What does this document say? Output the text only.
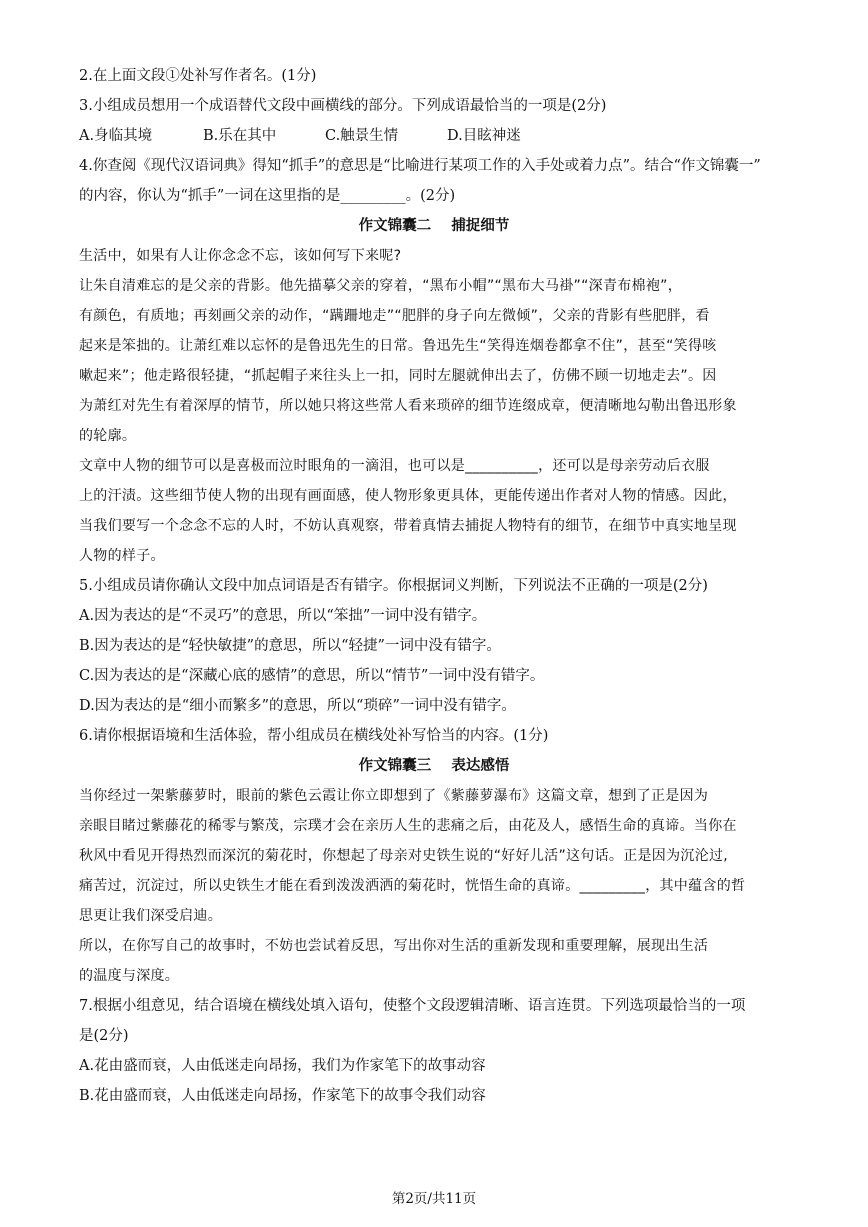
2.在上面文段①处补写作者名。(1分)
3.小组成员想用一个成语替代文段中画横线的部分。下列成语最恰当的一项是(2分)
A.身临其境	B.乐在其中	C.触景生情	D.目眩神迷
4.你查阅《现代汉语词典》得知“抓手”的意思是“比喻进行某项工作的入手处或着力点”。结合“作文锦囊一”
的内容，你认为“抓手”一词在这里指的是_________。(2分)
作文锦囊二    捕捉细节
生活中，如果有人让你念念不忘，该如何写下来呢?
让朱自清难忘的是父亲的背影。他先描摹父亲的穿着，“黑布小帽”“黑布大马褂”“深青布棉袍”，
有颜色，有质地；再刻画父亲的动作，“蹒跚地走”“肥胖的身子向左微倾”，父亲的背影有些肥胖，看
起来是笨拙的。让萧红难以忘怀的是鲁迅先生的日常。鲁迅先生“笑得连烟卷都拿不住”，甚至“笑得咳
嗽起来”；他走路很轻捷，“抓起帽子来往头上一扣，同时左腿就伸出去了，仿佛不顾一切地走去”。因
为萧红对先生有着深厚的情节，所以她只将这些常人看来琐碎的细节连缀成章，便清晰地勾勒出鲁迅形象
的轮廓。
文章中人物的细节可以是喜极而泣时眼角的一滴泪，也可以是__________，还可以是母亲劳动后衣服
上的汗渍。这些细节使人物的出现有画面感，使人物形象更具体，更能传递出作者对人物的情感。因此，
当我们要写一个念念不忘的人时，不妨认真观察，带着真情去捕捉人物特有的细节，在细节中真实地呈现
人物的样子。
5.小组成员请你确认文段中加点词语是否有错字。你根据词义判断，下列说法不正确的一项是(2分)
A.因为表达的是“不灵巧”的意思，所以“笨拙”一词中没有错字。
B.因为表达的是“轻快敏捷”的意思，所以“轻捷”一词中没有错字。
C.因为表达的是“深藏心底的感情”的意思，所以“情节”一词中没有错字。
D.因为表达的是“细小而繁多”的意思，所以“琐碎”一词中没有错字。
6.请你根据语境和生活体验，帮小组成员在横线处补写恰当的内容。(1分)
作文锦囊三    表达感悟
当你经过一架紫藤萝时，眼前的紫色云霞让你立即想到了《紫藤萝瀑布》这篇文章，想到了正是因为
亲眼目睹过紫藤花的稀零与繁茂，宗璞才会在亲历人生的悲痛之后，由花及人，感悟生命的真谛。当你在
秋风中看见开得热烈而深沉的菊花时，你想起了母亲对史铁生说的“好好儿活”这句话。正是因为沉沦过,
痛苦过，沉淀过，所以史铁生才能在看到泼泼洒洒的菊花时，恍悟生命的真谛。_________，其中蕴含的哲
思更让我们深受启迪。
所以，在你写自己的故事时，不妨也尝试着反思，写出你对生活的重新发现和重要理解，展现出生活
的温度与深度。
7.根据小组意见，结合语境在横线处填入语句，使整个文段逻辑清晰、语言连贯。下列选项最恰当的一项
是(2分)
A.花由盛而衰，人由低迷走向昂扬，我们为作家笔下的故事动容
B.花由盛而衰，人由低迷走向昂扬，作家笔下的故事令我们动容
第2页/共11页
